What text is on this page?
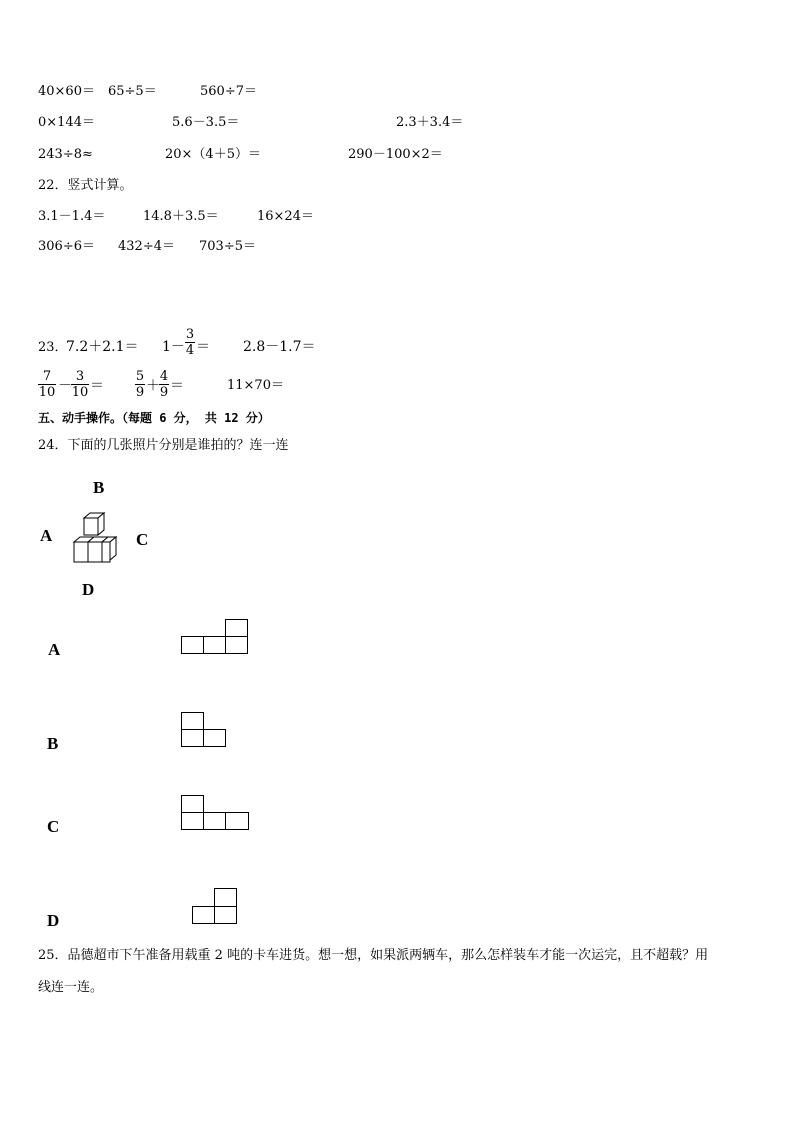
40×60＝ 65÷5＝	560÷7＝
0×144＝	5.6－3.5＝	2.3＋3.4＝
243÷8≈	20×（4＋5）＝	290－100×2＝
22．竖式计算。
3.1－1.4＝	14.8＋3.5＝	16×24＝
306÷6＝ 432÷4＝ 703÷5＝
23．
7.2＋2.1＝ 1－
3
4 ＝ 2.8－1.7＝
7
10 －
3
10 ＝
5
9 ＋
4
9 ＝	11×70＝
五、动手操作。（每题 6 分， 共 12 分）
24．下面的几张照片分别是谁拍的？连一连
B
A	C
D
A
B
C
D
25．品德超市下午准备用载重 2 吨的卡车进货。想一想，如果派两辆车，那么怎样装车才能一次运完，且不超载？用
线连一连。
